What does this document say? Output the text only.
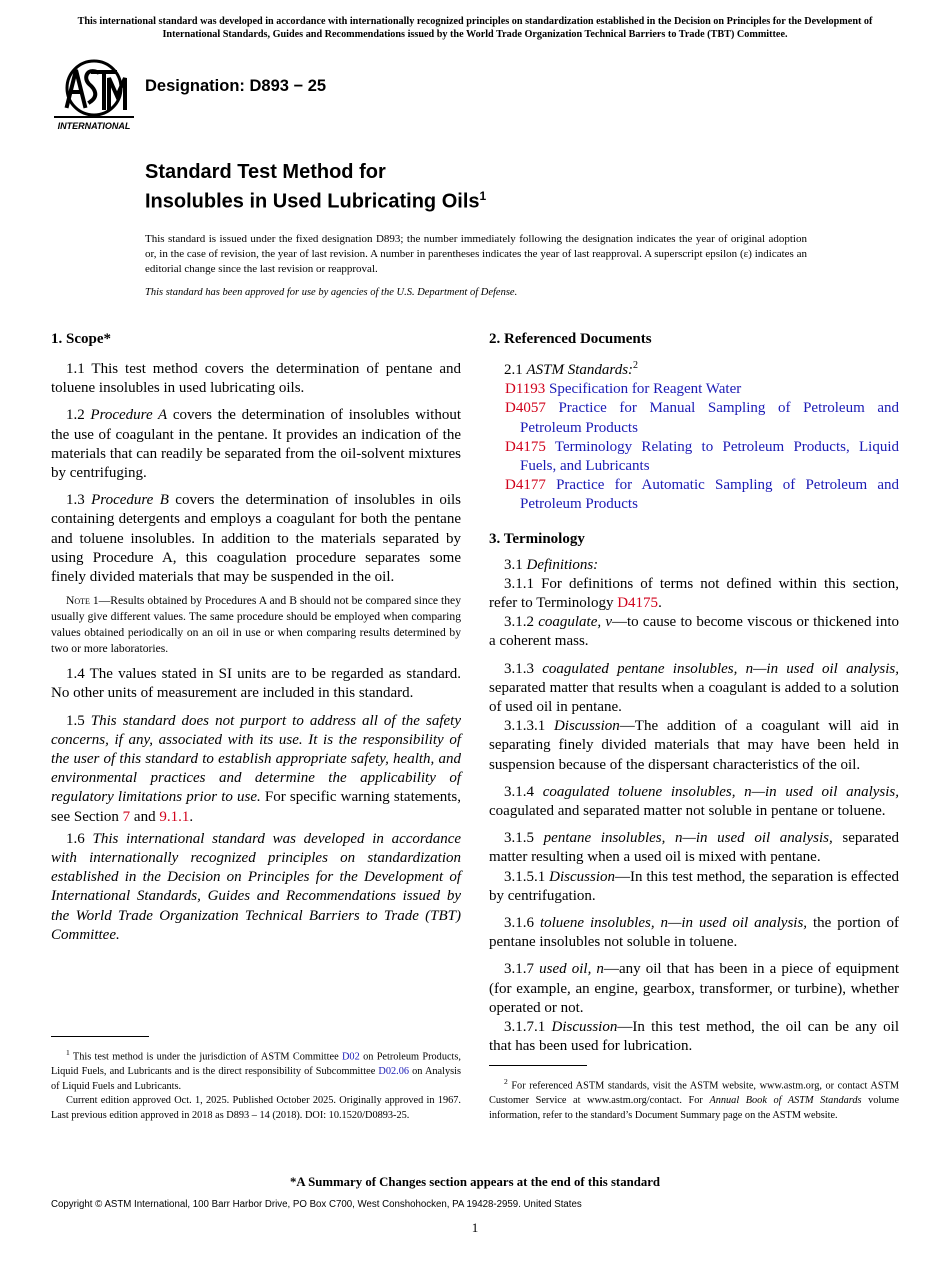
This international standard was developed in accordance with internationally recognized principles on standardization established in the Decision on Principles for the Development of International Standards, Guides and Recommendations issued by the World Trade Organization Technical Barriers to Trade (TBT) Committee.
INTERNATIONAL
Designation: D893 − 25
Standard Test Method for
Insolubles in Used Lubricating Oils$^1$
This standard is issued under the fixed designation D893; the number immediately following the designation indicates the year of original adoption or, in the case of revision, the year of last revision. A number in parentheses indicates the year of last reapproval. A superscript epsilon (ε) indicates an editorial change since the last revision or reapproval.
This standard has been approved for use by agencies of the U.S. Department of Defense.
1. Scope*

1.1 This test method covers the determination of pentane and toluene insolubles in used lubricating oils.

1.2 Procedure A covers the determination of insolubles without the use of coagulant in the pentane. It provides an indication of the materials that can readily be separated from the oil-solvent mixtures by centrifuging.

1.3 Procedure B covers the determination of insolubles in oils containing detergents and employs a coagulant for both the pentane and toluene insolubles. In addition to the materials separated by using Procedure A, this coagulation procedure separates some finely divided materials that may be suspended in the oil.

Note 1—Results obtained by Procedures A and B should not be compared since they usually give different values. The same procedure should be employed when comparing values obtained periodically on an oil in use or when comparing results determined by two or more laboratories.

1.4 The values stated in SI units are to be regarded as standard. No other units of measurement are included in this standard.

1.5 This standard does not purport to address all of the safety concerns, if any, associated with its use. It is the responsibility of the user of this standard to establish appropriate safety, health, and environmental practices and determine the applicability of regulatory limitations prior to use. For specific warning statements, see Section 7 and 9.1.1.

1.6 This international standard was developed in accordance with internationally recognized principles on standardization established in the Decision on Principles for the Development of International Standards, Guides and Recommendations issued by the World Trade Organization Technical Barriers to Trade (TBT) Committee.

$^1$ This test method is under the jurisdiction of ASTM Committee D02 on Petroleum Products, Liquid Fuels, and Lubricants and is the direct responsibility of Subcommittee D02.06 on Analysis of Liquid Fuels and Lubricants.

Current edition approved Oct. 1, 2025. Published October 2025. Originally approved in 1967. Last previous edition approved in 2018 as D893 – 14 (2018). DOI: 10.1520/D0893-25.

2. Referenced Documents

2.1 ASTM Standards:$^2$

D1193 Specification for Reagent Water

D4057 Practice for Manual Sampling of Petroleum and Petroleum Products

D4175 Terminology Relating to Petroleum Products, Liquid Fuels, and Lubricants

D4177 Practice for Automatic Sampling of Petroleum and Petroleum Products

3. Terminology

3.1 Definitions:

3.1.1 For definitions of terms not defined within this section, refer to Terminology D4175.

3.1.2 coagulate, v—to cause to become viscous or thickened into a coherent mass.

3.1.3 coagulated pentane insolubles, n—in used oil analysis, separated matter that results when a coagulant is added to a solution of used oil in pentane.

3.1.3.1 Discussion—The addition of a coagulant will aid in separating finely divided materials that may have been held in suspension because of the dispersant characteristics of the oil.

3.1.4 coagulated toluene insolubles, n—in used oil analysis, coagulated and separated matter not soluble in pentane or toluene.

3.1.5 pentane insolubles, n—in used oil analysis, separated matter resulting when a used oil is mixed with pentane.

3.1.5.1 Discussion—In this test method, the separation is effected by centrifugation.

3.1.6 toluene insolubles, n—in used oil analysis, the portion of pentane insolubles not soluble in toluene.

3.1.7 used oil, n—any oil that has been in a piece of equipment (for example, an engine, gearbox, transformer, or turbine), whether operated or not.

3.1.7.1 Discussion—In this test method, the oil can be any oil that has been used for lubrication.

$^2$ For referenced ASTM standards, visit the ASTM website, www.astm.org, or contact ASTM Customer Service at www.astm.org/contact. For Annual Book of ASTM Standards volume information, refer to the standard’s Document Summary page on the ASTM website.

*A Summary of Changes section appears at the end of this standard
Copyright © ASTM International, 100 Barr Harbor Drive, PO Box C700, West Conshohocken, PA 19428-2959. United States
1
